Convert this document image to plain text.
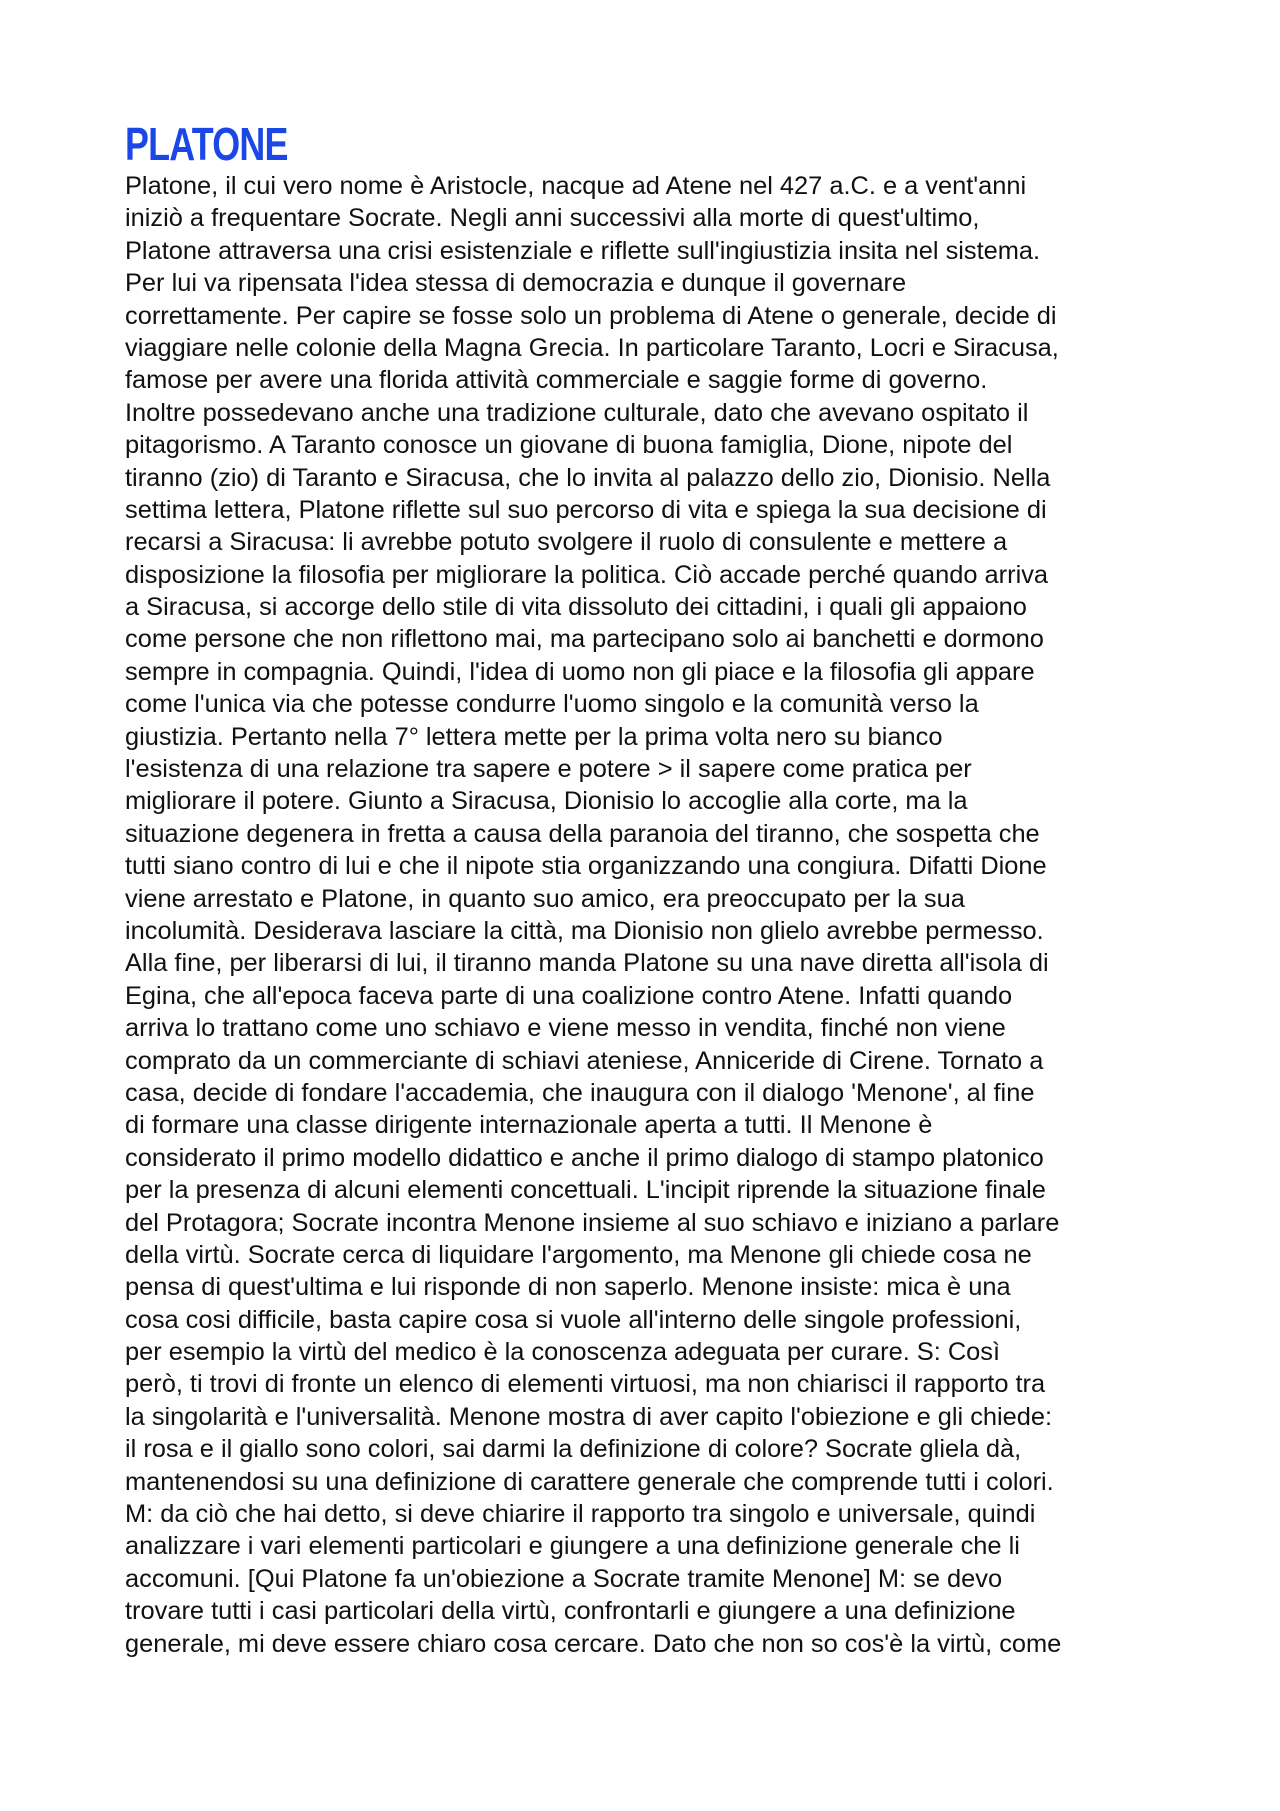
PLATONE

Platone, il cui vero nome è Aristocle, nacque ad Atene nel 427 a.C. e a vent'anni
iniziò a frequentare Socrate. Negli anni successivi alla morte di quest'ultimo,
Platone attraversa una crisi esistenziale e riflette sull'ingiustizia insita nel sistema.
Per lui va ripensata l'idea stessa di democrazia e dunque il governare
correttamente. Per capire se fosse solo un problema di Atene o generale, decide di
viaggiare nelle colonie della Magna Grecia. In particolare Taranto, Locri e Siracusa,
famose per avere una florida attività commerciale e saggie forme di governo.
Inoltre possedevano anche una tradizione culturale, dato che avevano ospitato il
pitagorismo. A Taranto conosce un giovane di buona famiglia, Dione, nipote del
tiranno (zio) di Taranto e Siracusa, che lo invita al palazzo dello zio, Dionisio. Nella
settima lettera, Platone riflette sul suo percorso di vita e spiega la sua decisione di
recarsi a Siracusa: li avrebbe potuto svolgere il ruolo di consulente e mettere a
disposizione la filosofia per migliorare la politica. Ciò accade perché quando arriva
a Siracusa, si accorge dello stile di vita dissoluto dei cittadini, i quali gli appaiono
come persone che non riflettono mai, ma partecipano solo ai banchetti e dormono
sempre in compagnia. Quindi, l'idea di uomo non gli piace e la filosofia gli appare
come l'unica via che potesse condurre l'uomo singolo e la comunità verso la
giustizia. Pertanto nella 7° lettera mette per la prima volta nero su bianco
l'esistenza di una relazione tra sapere e potere > il sapere come pratica per
migliorare il potere. Giunto a Siracusa, Dionisio lo accoglie alla corte, ma la
situazione degenera in fretta a causa della paranoia del tiranno, che sospetta che
tutti siano contro di lui e che il nipote stia organizzando una congiura. Difatti Dione
viene arrestato e Platone, in quanto suo amico, era preoccupato per la sua
incolumità. Desiderava lasciare la città, ma Dionisio non glielo avrebbe permesso.
Alla fine, per liberarsi di lui, il tiranno manda Platone su una nave diretta all'isola di
Egina, che all'epoca faceva parte di una coalizione contro Atene. Infatti quando
arriva lo trattano come uno schiavo e viene messo in vendita, finché non viene
comprato da un commerciante di schiavi ateniese, Anniceride di Cirene. Tornato a
casa, decide di fondare l'accademia, che inaugura con il dialogo 'Menone', al fine
di formare una classe dirigente internazionale aperta a tutti. Il Menone è
considerato il primo modello didattico e anche il primo dialogo di stampo platonico
per la presenza di alcuni elementi concettuali. L'incipit riprende la situazione finale
del Protagora; Socrate incontra Menone insieme al suo schiavo e iniziano a parlare
della virtù. Socrate cerca di liquidare l'argomento, ma Menone gli chiede cosa ne
pensa di quest'ultima e lui risponde di non saperlo. Menone insiste: mica è una
cosa cosi difficile, basta capire cosa si vuole all'interno delle singole professioni,
per esempio la virtù del medico è la conoscenza adeguata per curare. S: Così
però, ti trovi di fronte un elenco di elementi virtuosi, ma non chiarisci il rapporto tra
la singolarità e l'universalità. Menone mostra di aver capito l'obiezione e gli chiede:
il rosa e il giallo sono colori, sai darmi la definizione di colore? Socrate gliela dà,
mantenendosi su una definizione di carattere generale che comprende tutti i colori.
M: da ciò che hai detto, si deve chiarire il rapporto tra singolo e universale, quindi
analizzare i vari elementi particolari e giungere a una definizione generale che li
accomuni. [Qui Platone fa un'obiezione a Socrate tramite Menone] M: se devo
trovare tutti i casi particolari della virtù, confrontarli e giungere a una definizione
generale, mi deve essere chiaro cosa cercare. Dato che non so cos'è la virtù, come
